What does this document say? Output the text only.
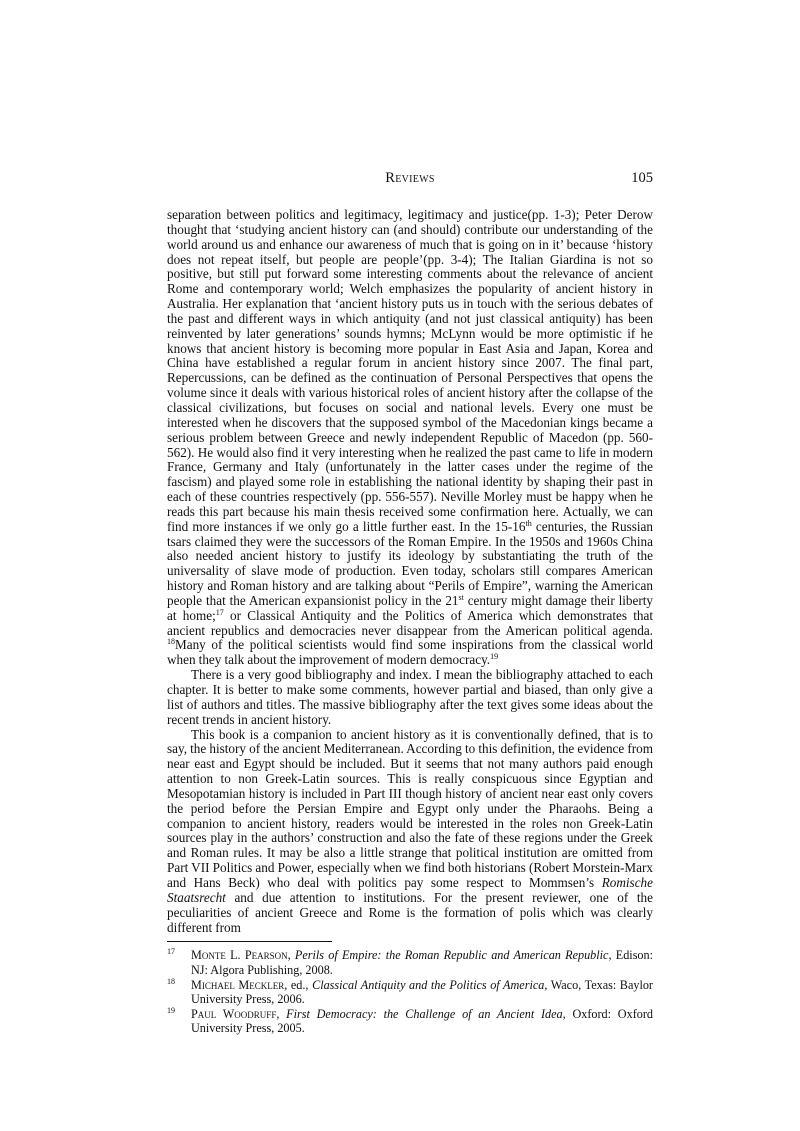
Reviews	105

separation between politics and legitimacy, legitimacy and justice(pp. 1-3); Peter Derow thought that ‘studying ancient history can (and should) contribute our understanding of the world around us and enhance our awareness of much that is going on in it’ because ‘history does not repeat itself, but people are people’(pp. 3-4); The Italian Giardina is not so positive, but still put forward some interesting comments about the relevance of ancient Rome and contemporary world; Welch emphasizes the popularity of ancient history in Australia. Her explanation that ‘ancient history puts us in touch with the serious debates of the past and different ways in which antiquity (and not just classical antiquity) has been reinvented by later generations’ sounds hymns; McLynn would be more optimistic if he knows that ancient history is becoming more popular in East Asia and Japan, Korea and China have established a regular forum in ancient history since 2007. The final part, Repercussions, can be defined as the continuation of Personal Perspectives that opens the volume since it deals with various historical roles of ancient history after the collapse of the classical civilizations, but focuses on social and national levels. Every one must be interested when he discovers that the supposed symbol of the Macedonian kings became a serious problem between Greece and newly independent Republic of Macedon (pp. 560-562). He would also find it very interesting when he realized the past came to life in modern France, Germany and Italy (unfortunately in the latter cases under the regime of the fascism) and played some role in establishing the national identity by shaping their past in each of these countries respectively (pp. 556-557). Neville Morley must be happy when he reads this part because his main thesis received some confirmation here. Actually, we can find more instances if we only go a little further east. In the 15-16th centuries, the Russian tsars claimed they were the successors of the Roman Empire. In the 1950s and 1960s China also needed ancient history to justify its ideology by substantiating the truth of the universality of slave mode of production. Even today, scholars still compares American history and Roman history and are talking about “Perils of Empire”, warning the American people that the American expansionist policy in the 21st century might damage their liberty at home;$^{17}$ or Classical Antiquity and the Politics of America which demonstrates that ancient republics and democracies never disappear from the American political agenda. $^{18}$Many of the political scientists would find some inspirations from the classical world when they talk about the improvement of modern democracy.$^{19}$

There is a very good bibliography and index. I mean the bibliography attached to each chapter. It is better to make some comments, however partial and biased, than only give a list of authors and titles. The massive bibliography after the text gives some ideas about the recent trends in ancient history.

This book is a companion to ancient history as it is conventionally defined, that is to say, the history of the ancient Mediterranean. According to this definition, the evidence from near east and Egypt should be included. But it seems that not many authors paid enough attention to non Greek-Latin sources. This is really conspicuous since Egyptian and Mesopotamian history is included in Part III though history of ancient near east only covers the period before the Persian Empire and Egypt only under the Pharaohs. Being a companion to ancient history, readers would be interested in the roles non Greek-Latin sources play in the authors’ construction and also the fate of these regions under the Greek and Roman rules. It may be also a little strange that political institution are omitted from Part VII Politics and Power, especially when we find both historians (Robert Morstein-Marx and Hans Beck) who deal with politics pay some respect to Mommsen’s Romische Staatsrecht and due attention to institutions. For the present reviewer, one of the peculiarities of ancient Greece and Rome is the formation of polis which was clearly different from

17 Monte L. Pearson, Perils of Empire: the Roman Republic and American Republic, Edison: NJ: Algora Publishing, 2008.

18 Michael Meckler, ed., Classical Antiquity and the Politics of America, Waco, Texas: Baylor University Press, 2006.

19 Paul Woodruff, First Democracy: the Challenge of an Ancient Idea, Oxford: Oxford University Press, 2005.
